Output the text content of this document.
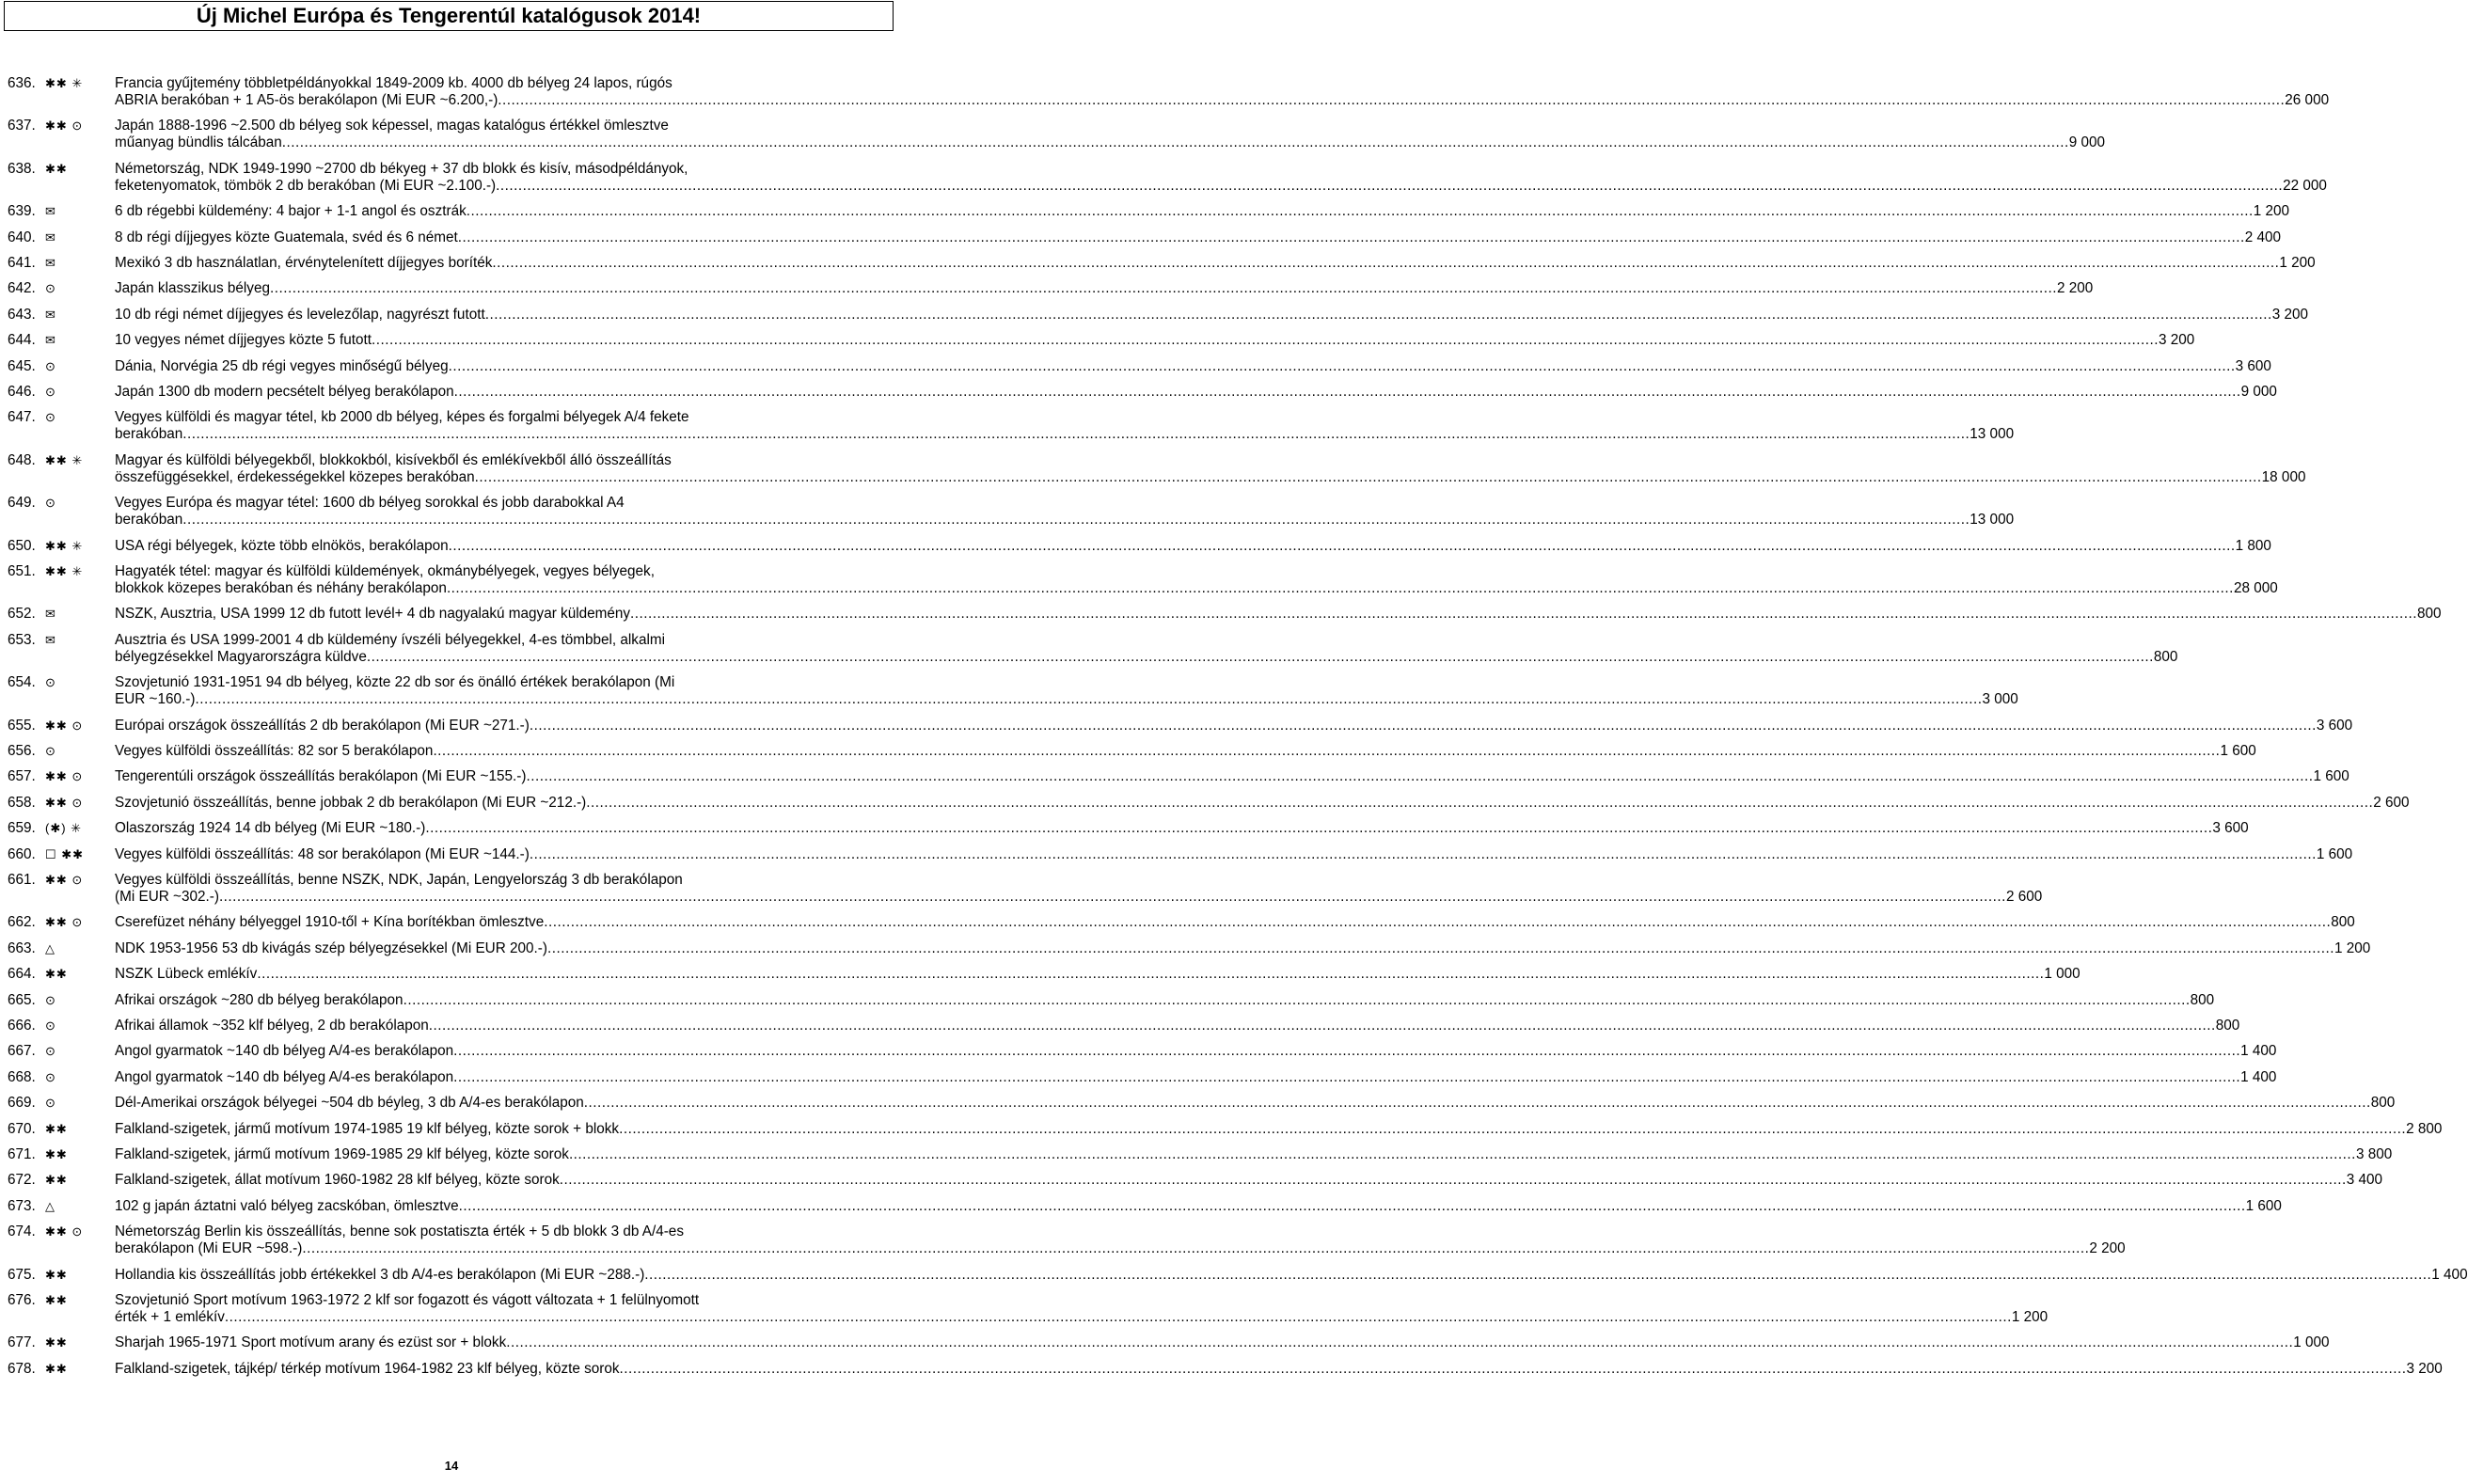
Új Michel Európa és Tengerentúl katalógusok 2014!
636. ✱✱ ✳	Francia gyűjtemény többletpéldányokkal 1849-2009 kb. 4000 db bélyeg 24 lapos, rúgós
ABRIA berakóban + 1 A5-ös berakólapon (Mi EUR ~6.200,-) ................................................................................................................................................................................................................................................................................................................................................................................................................ 26 000
637. ✱✱ ⊙	Japán 1888-1996 ~2.500 db bélyeg sok képessel, magas katalógus értékkel ömlesztve
műanyag bündlis tálcában ................................................................................................................................................................................................................................................................................................................................................................................................................ 9 000
638. ✱✱	Németország, NDK 1949-1990 ~2700 db békyeg + 37 db blokk és kisív, másodpéldányok,
feketenyomatok, tömbök 2 db berakóban (Mi EUR ~2.100.-) ................................................................................................................................................................................................................................................................................................................................................................................................................ 22 000
639. ✉	6 db régebbi küldemény: 4 bajor + 1-1 angol és osztrák ................................................................................................................................................................................................................................................................................................................................................................................................................ 1 200
640. ✉	8 db régi díjjegyes közte Guatemala, svéd és 6 német ................................................................................................................................................................................................................................................................................................................................................................................................................ 2 400
641. ✉	Mexikó 3 db használatlan, érvénytelenített díjjegyes boríték ................................................................................................................................................................................................................................................................................................................................................................................................................ 1 200
642. ⊙	Japán klasszikus bélyeg ................................................................................................................................................................................................................................................................................................................................................................................................................ 2 200
643. ✉	10 db régi német díjjegyes és levelezőlap, nagyrészt futott ................................................................................................................................................................................................................................................................................................................................................................................................................ 3 200
644. ✉	10 vegyes német díjjegyes közte 5 futott ................................................................................................................................................................................................................................................................................................................................................................................................................ 3 200
645. ⊙	Dánia, Norvégia 25 db régi vegyes minőségű bélyeg ................................................................................................................................................................................................................................................................................................................................................................................................................ 3 600
646. ⊙	Japán 1300 db modern pecsételt bélyeg berakólapon ................................................................................................................................................................................................................................................................................................................................................................................................................ 9 000
647. ⊙	Vegyes külföldi és magyar tétel, kb 2000 db bélyeg, képes és forgalmi bélyegek A/4 fekete
berakóban ................................................................................................................................................................................................................................................................................................................................................................................................................ 13 000
648. ✱✱ ✳	Magyar és külföldi bélyegekből, blokkokból, kisívekből és emlékívekből álló összeállítás
összefüggésekkel, érdekességekkel közepes berakóban ................................................................................................................................................................................................................................................................................................................................................................................................................ 18 000
649. ⊙	Vegyes Európa és magyar tétel: 1600 db bélyeg sorokkal és jobb darabokkal A4
berakóban ................................................................................................................................................................................................................................................................................................................................................................................................................ 13 000
650. ✱✱ ✳	USA régi bélyegek, közte több elnökös, berakólapon ................................................................................................................................................................................................................................................................................................................................................................................................................ 1 800
651. ✱✱ ✳	Hagyaték tétel: magyar és külföldi küldemények, okmánybélyegek, vegyes bélyegek,
blokkok közepes berakóban és néhány berakólapon ................................................................................................................................................................................................................................................................................................................................................................................................................ 28 000
652. ✉	NSZK, Ausztria, USA 1999 12 db futott levél+ 4 db nagyalakú magyar küldemény ................................................................................................................................................................................................................................................................................................................................................................................................................ 800
653. ✉	Ausztria és USA 1999-2001 4 db küldemény ívszéli bélyegekkel, 4-es tömbbel, alkalmi
bélyegzésekkel Magyarországra küldve ................................................................................................................................................................................................................................................................................................................................................................................................................ 800
654. ⊙	Szovjetunió 1931-1951 94 db bélyeg, közte 22 db sor és önálló értékek berakólapon (Mi
EUR ~160.-) ................................................................................................................................................................................................................................................................................................................................................................................................................ 3 000
655. ✱✱ ⊙	Európai országok összeállítás 2 db berakólapon (Mi EUR ~271.-) ................................................................................................................................................................................................................................................................................................................................................................................................................ 3 600
656. ⊙	Vegyes külföldi összeállítás: 82 sor 5 berakólapon ................................................................................................................................................................................................................................................................................................................................................................................................................ 1 600
657. ✱✱ ⊙	Tengerentúli országok összeállítás berakólapon (Mi EUR ~155.-) ................................................................................................................................................................................................................................................................................................................................................................................................................ 1 600
658. ✱✱ ⊙	Szovjetunió összeállítás, benne jobbak 2 db berakólapon (Mi EUR ~212.-) ................................................................................................................................................................................................................................................................................................................................................................................................................ 2 600
659. (✱) ✳	Olaszország 1924 14 db bélyeg (Mi EUR ~180.-) ................................................................................................................................................................................................................................................................................................................................................................................................................ 3 600
660. ☐ ✱✱	Vegyes külföldi összeállítás: 48 sor berakólapon (Mi EUR ~144.-) ................................................................................................................................................................................................................................................................................................................................................................................................................ 1 600
661. ✱✱ ⊙	Vegyes külföldi összeállítás, benne NSZK, NDK, Japán, Lengyelország 3 db berakólapon
(Mi EUR ~302.-) ................................................................................................................................................................................................................................................................................................................................................................................................................ 2 600
662. ✱✱ ⊙	Cserefüzet néhány bélyeggel 1910-től + Kína borítékban ömlesztve ................................................................................................................................................................................................................................................................................................................................................................................................................ 800
663. △	NDK 1953-1956 53 db kivágás szép bélyegzésekkel (Mi EUR 200.-) ................................................................................................................................................................................................................................................................................................................................................................................................................ 1 200
664. ✱✱	NSZK Lübeck emlékív ................................................................................................................................................................................................................................................................................................................................................................................................................ 1 000
665. ⊙	Afrikai országok ~280 db bélyeg berakólapon ................................................................................................................................................................................................................................................................................................................................................................................................................ 800
666. ⊙	Afrikai államok ~352 klf bélyeg, 2 db berakólapon ................................................................................................................................................................................................................................................................................................................................................................................................................ 800
667. ⊙	Angol gyarmatok ~140 db bélyeg A/4-es berakólapon ................................................................................................................................................................................................................................................................................................................................................................................................................ 1 400
668. ⊙	Angol gyarmatok ~140 db bélyeg A/4-es berakólapon ................................................................................................................................................................................................................................................................................................................................................................................................................ 1 400
669. ⊙	Dél-Amerikai országok bélyegei ~504 db béyleg, 3 db A/4-es berakólapon ................................................................................................................................................................................................................................................................................................................................................................................................................ 800
670. ✱✱	Falkland-szigetek, jármű motívum 1974-1985 19 klf bélyeg, közte sorok + blokk ................................................................................................................................................................................................................................................................................................................................................................................................................ 2 800
671. ✱✱	Falkland-szigetek, jármű motívum 1969-1985 29 klf bélyeg, közte sorok ................................................................................................................................................................................................................................................................................................................................................................................................................ 3 800
672. ✱✱	Falkland-szigetek, állat motívum 1960-1982 28 klf bélyeg, közte sorok ................................................................................................................................................................................................................................................................................................................................................................................................................ 3 400
673. △	102 g japán áztatni való bélyeg zacskóban, ömlesztve ................................................................................................................................................................................................................................................................................................................................................................................................................ 1 600
674. ✱✱ ⊙	Németország Berlin kis összeállítás, benne sok postatiszta érték + 5 db blokk 3 db A/4-es
berakólapon (Mi EUR ~598.-) ................................................................................................................................................................................................................................................................................................................................................................................................................ 2 200
675. ✱✱	Hollandia kis összeállítás jobb értékekkel 3 db A/4-es berakólapon (Mi EUR ~288.-) ................................................................................................................................................................................................................................................................................................................................................................................................................ 1 400
676. ✱✱	Szovjetunió Sport motívum 1963-1972 2 klf sor fogazott és vágott változata + 1 felülnyomott
érték + 1 emlékív ................................................................................................................................................................................................................................................................................................................................................................................................................ 1 200
677. ✱✱	Sharjah 1965-1971 Sport motívum arany és ezüst sor + blokk ................................................................................................................................................................................................................................................................................................................................................................................................................ 1 000
678. ✱✱	Falkland-szigetek, tájkép/ térkép motívum 1964-1982 23 klf bélyeg, közte sorok ................................................................................................................................................................................................................................................................................................................................................................................................................ 3 200
14
